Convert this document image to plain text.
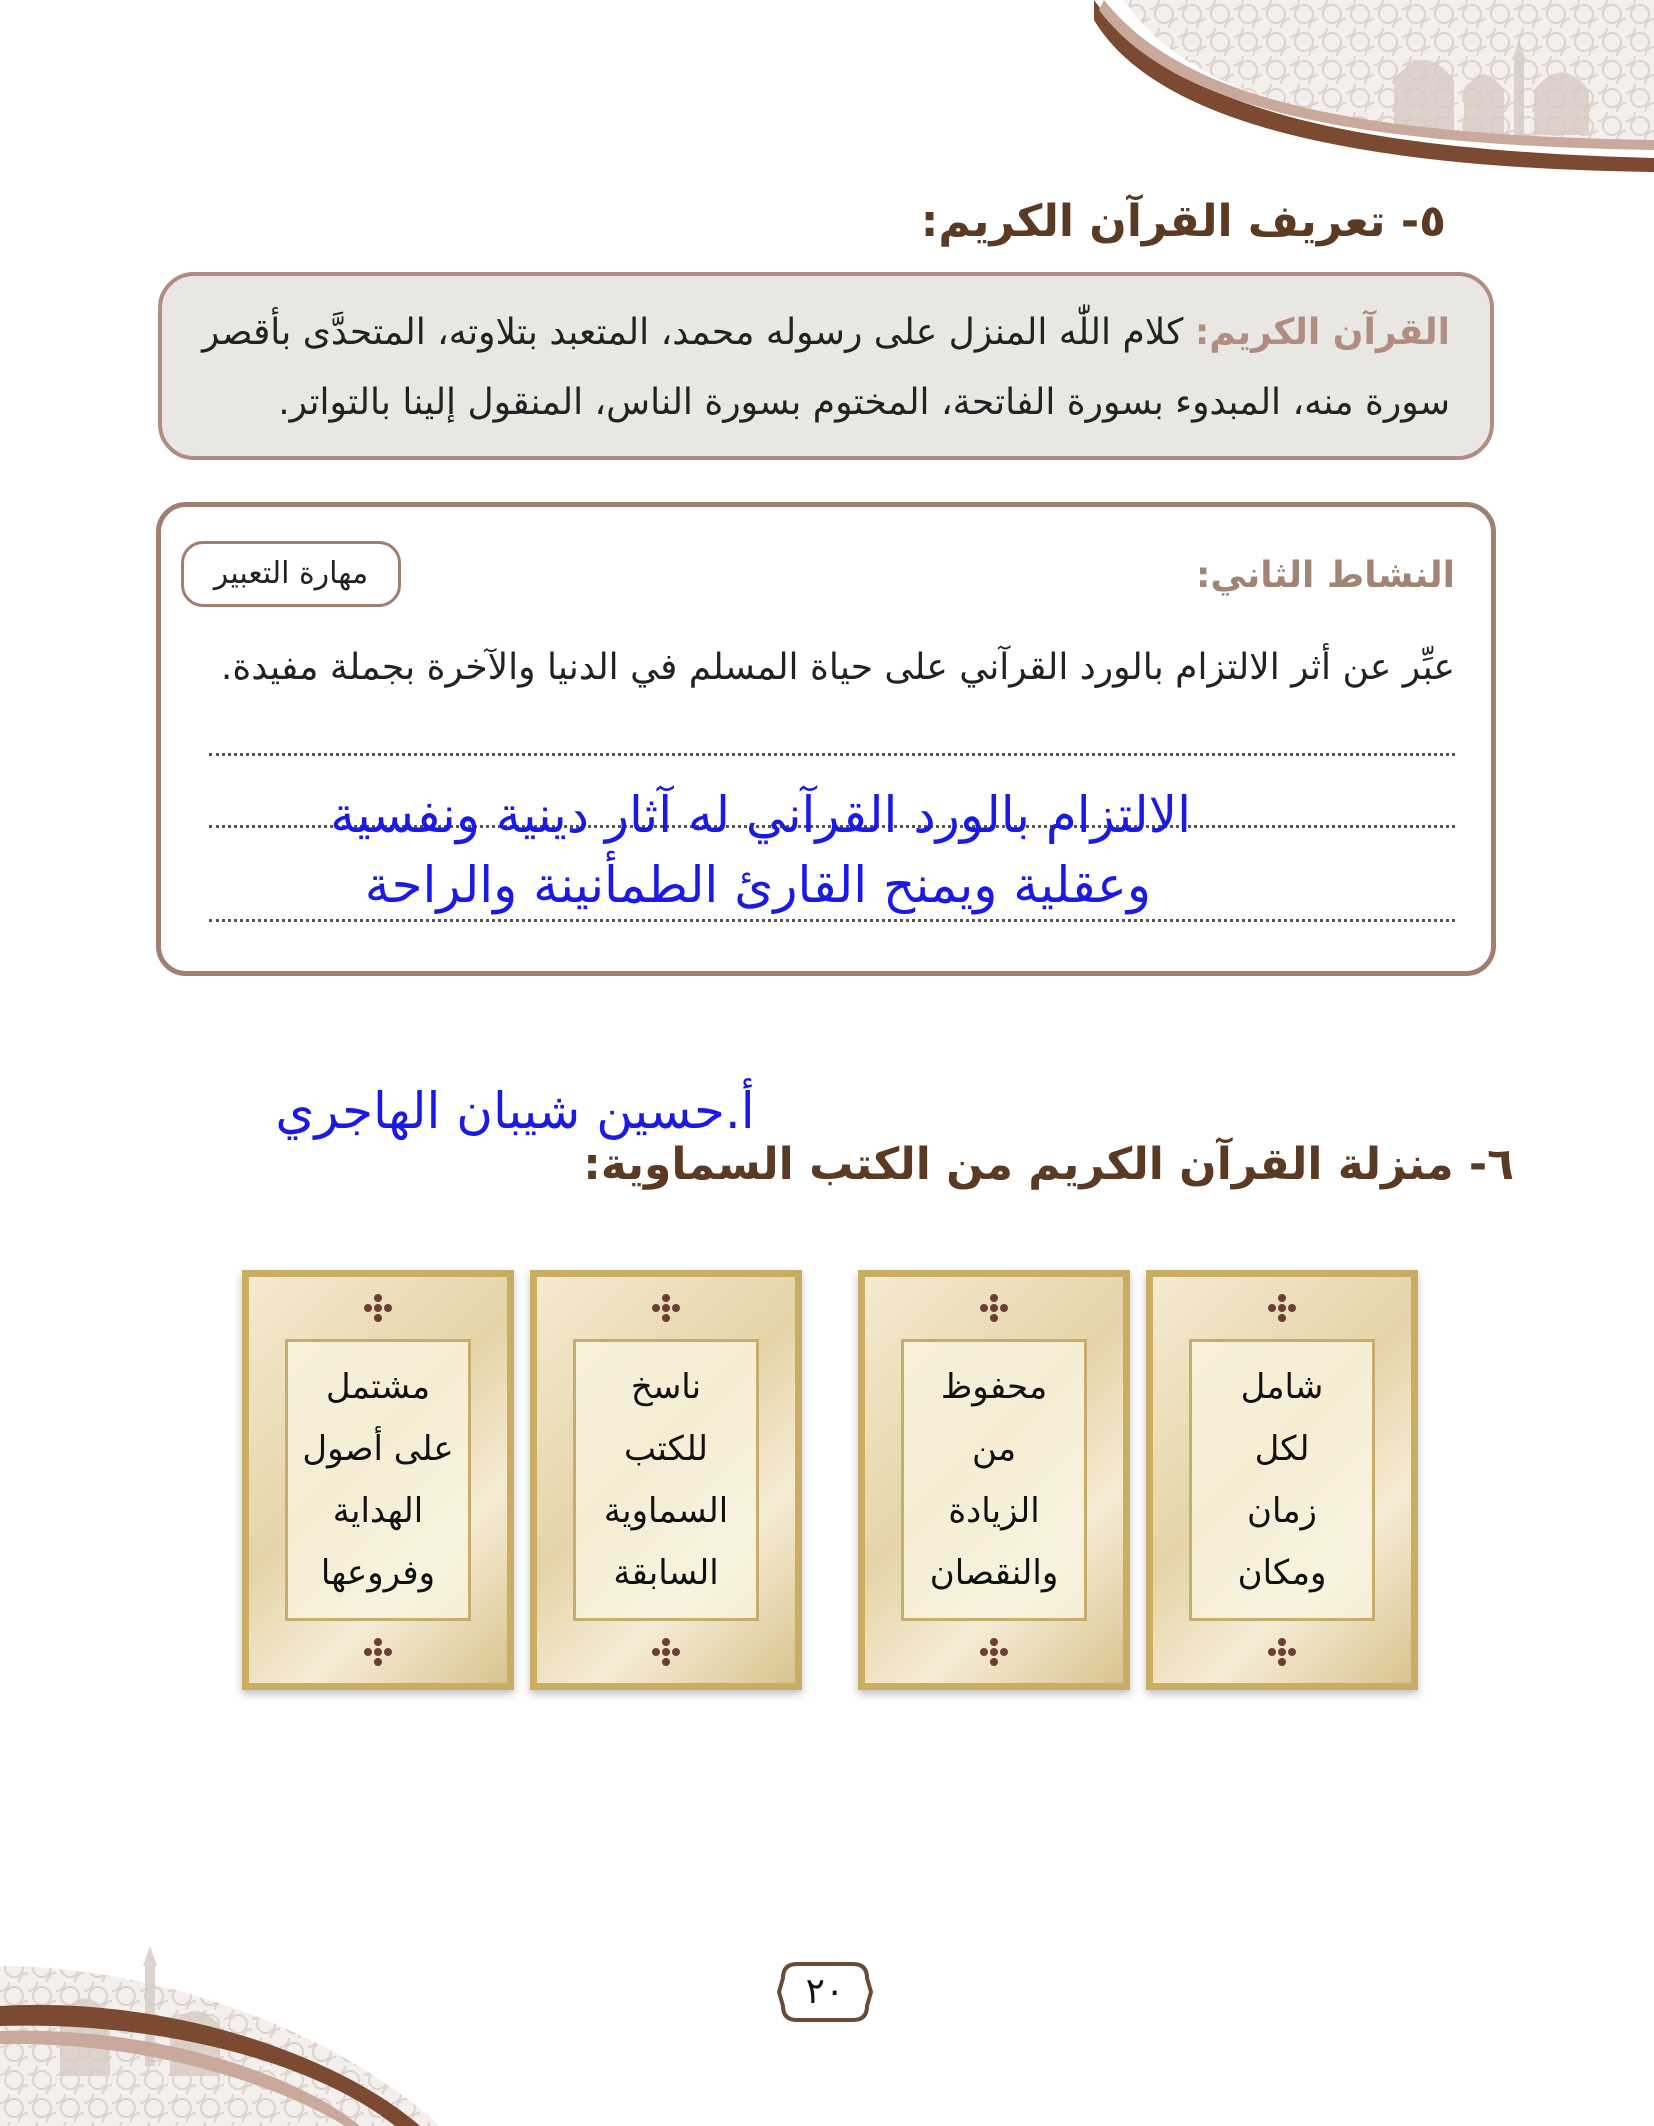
٥- تعريف القرآن الكريم:
القرآن الكريم: كلام اللّٰه المنزل على رسوله محمد، المتعبد بتلاوته، المتحدَّى بأقصر سورة منه، المبدوء بسورة الفاتحة، المختوم بسورة الناس، المنقول إلينا بالتواتر.
النشاط الثاني:
مهارة التعبير
عبِّر عن أثر الالتزام بالورد القرآني على حياة المسلم في الدنيا والآخرة بجملة مفيدة.
الالتزام بالورد القرآني له آثار دينية ونفسية
وعقلية ويمنح القارئ الطمأنينة والراحة
أ.حسين شيبان الهاجري
٦- منزلة القرآن الكريم من الكتب السماوية:
مشتمل
على أصول
الهداية
وفروعها
ناسخ
للكتب
السماوية
السابقة
محفوظ
من
الزيادة
والنقصان
شامل
لكل
زمان
ومكان
٢٠
